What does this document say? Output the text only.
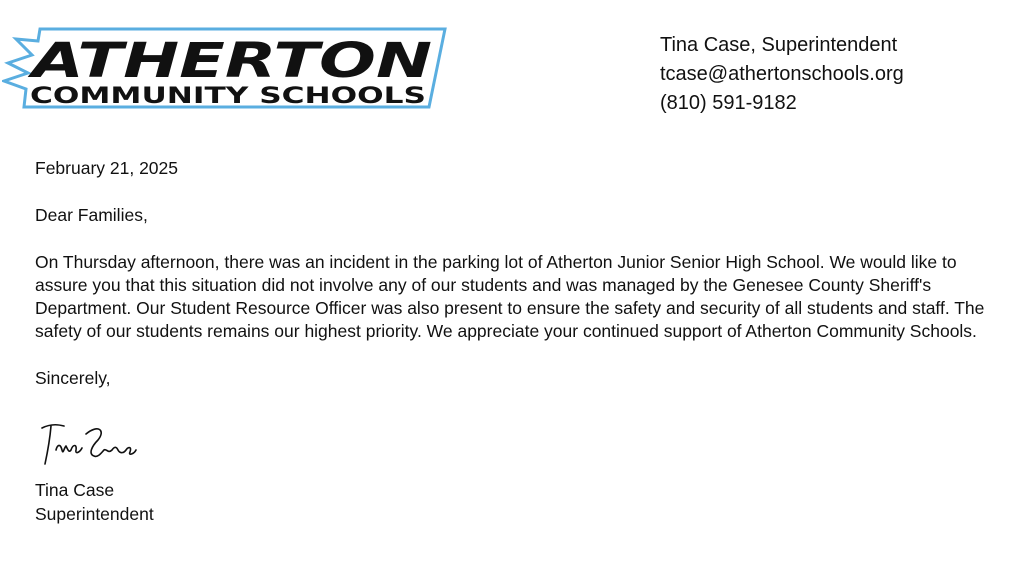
ATHERTON
COMMUNITY SCHOOLS
Tina Case, Superintendent
tcase@athertonschools.org
(810) 591-9182
February 21, 2025
Dear Families,
On Thursday afternoon, there was an incident in the parking lot of Atherton Junior Senior High School. We would like to assure you that this situation did not involve any of our students and was managed by the Genesee County Sheriff's Department. Our Student Resource Officer was also present to ensure the safety and security of all students and staff. The safety of our students remains our highest priority. We appreciate your continued support of Atherton Community Schools.
Sincerely,
Tina Case
Superintendent
